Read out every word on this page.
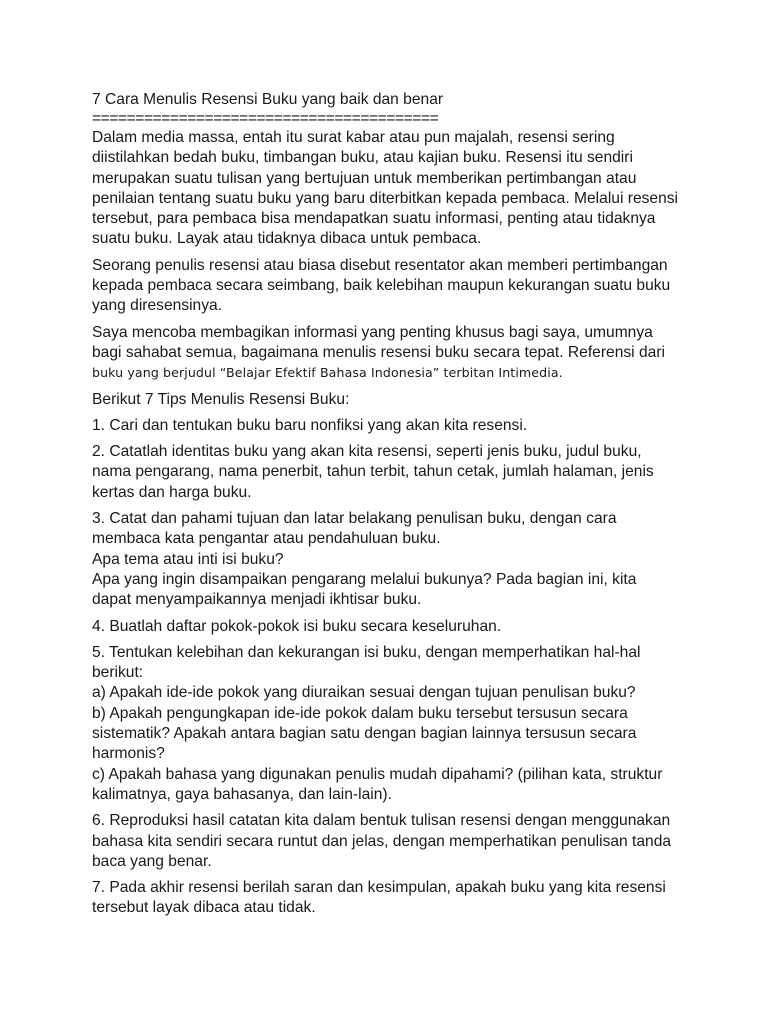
7 Cara Menulis Resensi Buku yang baik dan benar

========================================

Dalam media massa, entah itu surat kabar atau pun majalah, resensi sering
diistilahkan bedah buku, timbangan buku, atau kajian buku. Resensi itu sendiri
merupakan suatu tulisan yang bertujuan untuk memberikan pertimbangan atau
penilaian tentang suatu buku yang baru diterbitkan kepada pembaca. Melalui resensi
tersebut, para pembaca bisa mendapatkan suatu informasi, penting atau tidaknya
suatu buku. Layak atau tidaknya dibaca untuk pembaca.
Seorang penulis resensi atau biasa disebut resentator akan memberi pertimbangan
kepada pembaca secara seimbang, baik kelebihan maupun kekurangan suatu buku
yang diresensinya.
Saya mencoba membagikan informasi yang penting khusus bagi saya, umumnya
bagi sahabat semua, bagaimana menulis resensi buku secara tepat. Referensi dari
buku yang berjudul “Belajar Efektif Bahasa Indonesia” terbitan Intimedia.
Berikut 7 Tips Menulis Resensi Buku:
1. Cari dan tentukan buku baru nonfiksi yang akan kita resensi.
2. Catatlah identitas buku yang akan kita resensi, seperti jenis buku, judul buku,
nama pengarang, nama penerbit, tahun terbit, tahun cetak, jumlah halaman, jenis
kertas dan harga buku.
3. Catat dan pahami tujuan dan latar belakang penulisan buku, dengan cara
membaca kata pengantar atau pendahuluan buku.
Apa tema atau inti isi buku?
Apa yang ingin disampaikan pengarang melalui bukunya? Pada bagian ini, kita
dapat menyampaikannya menjadi ikhtisar buku.
4. Buatlah daftar pokok-pokok isi buku secara keseluruhan.
5. Tentukan kelebihan dan kekurangan isi buku, dengan memperhatikan hal-hal
berikut:
a) Apakah ide-ide pokok yang diuraikan sesuai dengan tujuan penulisan buku?
b) Apakah pengungkapan ide-ide pokok dalam buku tersebut tersusun secara
sistematik? Apakah antara bagian satu dengan bagian lainnya tersusun secara
harmonis?
c) Apakah bahasa yang digunakan penulis mudah dipahami? (pilihan kata, struktur
kalimatnya, gaya bahasanya, dan lain-lain).
6. Reproduksi hasil catatan kita dalam bentuk tulisan resensi dengan menggunakan
bahasa kita sendiri secara runtut dan jelas, dengan memperhatikan penulisan tanda
baca yang benar.
7. Pada akhir resensi berilah saran dan kesimpulan, apakah buku yang kita resensi
tersebut layak dibaca atau tidak.
